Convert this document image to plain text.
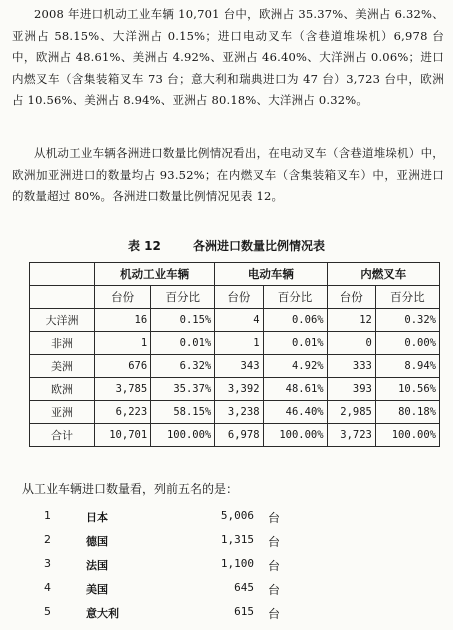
2008 年进口机动工业车辆 10,701 台中，欧洲占 35.37%、美洲占 6.32%、亚洲占 58.15%、大洋洲占 0.15%；进口电动叉车（含巷道堆垛机）6,978 台中，欧洲占 48.61%、美洲占 4.92%、亚洲占 46.40%、大洋洲占 0.06%；进口内燃叉车（含集装箱叉车 73 台；意大利和瑞典进口为 47 台）3,723 台中，欧洲占 10.56%、美洲占 8.94%、亚洲占 80.18%、大洋洲占 0.32%。

从机动工业车辆各洲进口数量比例情况看出，在电动叉车（含巷道堆垛机）中，欧洲加亚洲进口的数量均占 93.52%；在内燃叉车（含集装箱叉车）中，亚洲进口的数量超过 80%。各洲进口数量比例情况见表 12。

表 12	各洲进口数量比例情况表
	机动工业车辆		电动车辆		内燃叉车	
	台份	百分比	台份	百分比	台份	百分比
大洋洲	16	0.15%	4	0.06%	12	0.32%
非洲	1	0.01%	1	0.01%	0	0.00%
美洲	676	6.32%	343	4.92%	333	8.94%
欧洲	3,785	35.37%	3,392	48.61%	393	10.56%
亚洲	6,223	58.15%	3,238	46.40%	2,985	80.18%
合计	10,701	100.00%	6,978	100.00%	3,723	100.00%

从工业车辆进口数量看，列前五名的是：

1	日本	5,006 台
2	德国	1,315 台
3	法国	1,100 台
4	美国	645 台
5	意大利	615 台
